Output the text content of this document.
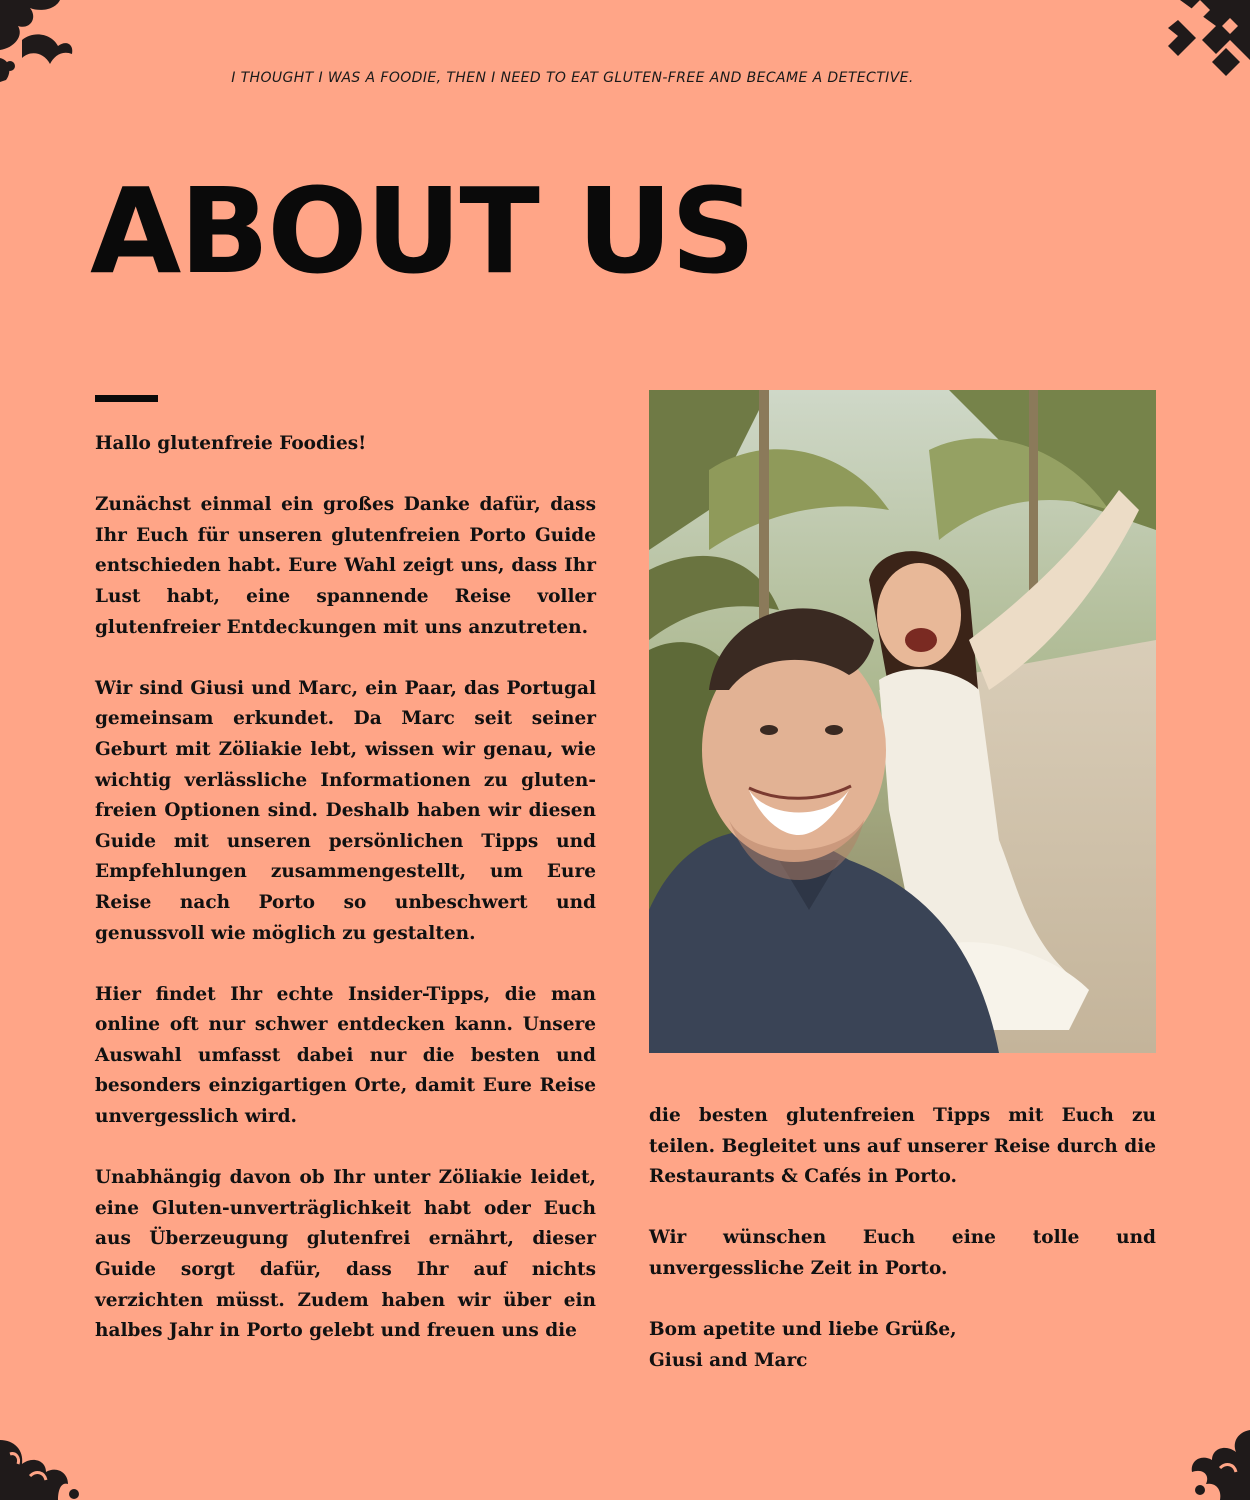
I THOUGHT I WAS A FOODIE, THEN I NEED TO EAT GLUTEN-FREE AND BECAME A DETECTIVE.
ABOUT US

Hallo glutenfreie Foodies!

Zunächst einmal ein großes Danke dafür, dass Ihr Euch für unseren glutenfreien Porto Guide entschieden habt. Eure Wahl zeigt uns, dass Ihr Lust habt, eine spannende Reise voller glutenfreier Entdeckungen mit uns anzutreten.

Wir sind Giusi und Marc, ein Paar, das Portugal gemeinsam erkundet. Da Marc seit seiner Geburt mit Zöliakie lebt, wissen wir genau, wie wichtig verlässliche Informationen zu gluten-freien Optionen sind. Deshalb haben wir diesen Guide mit unseren persönlichen Tipps und Empfehlungen zusammengestellt, um Eure Reise nach Porto so unbeschwert und genussvoll wie möglich zu gestalten.

Hier findet Ihr echte Insider-Tipps, die man online oft nur schwer entdecken kann. Unsere Auswahl umfasst dabei nur die besten und besonders einzigartigen Orte, damit Eure Reise unvergesslich wird.

Unabhängig davon ob Ihr unter Zöliakie leidet, eine Gluten-unverträglichkeit habt oder Euch aus Überzeugung glutenfrei ernährt, dieser Guide sorgt dafür, dass Ihr auf nichts verzichten müsst. Zudem haben wir über ein halbes Jahr in Porto gelebt und freuen uns die

die besten glutenfreien Tipps mit Euch zu teilen. Begleitet uns auf unserer Reise durch die Restaurants & Cafés in Porto.

Wir wünschen Euch eine tolle und unvergessliche Zeit in Porto.

Bom apetite und liebe Grüße,
Giusi and Marc
